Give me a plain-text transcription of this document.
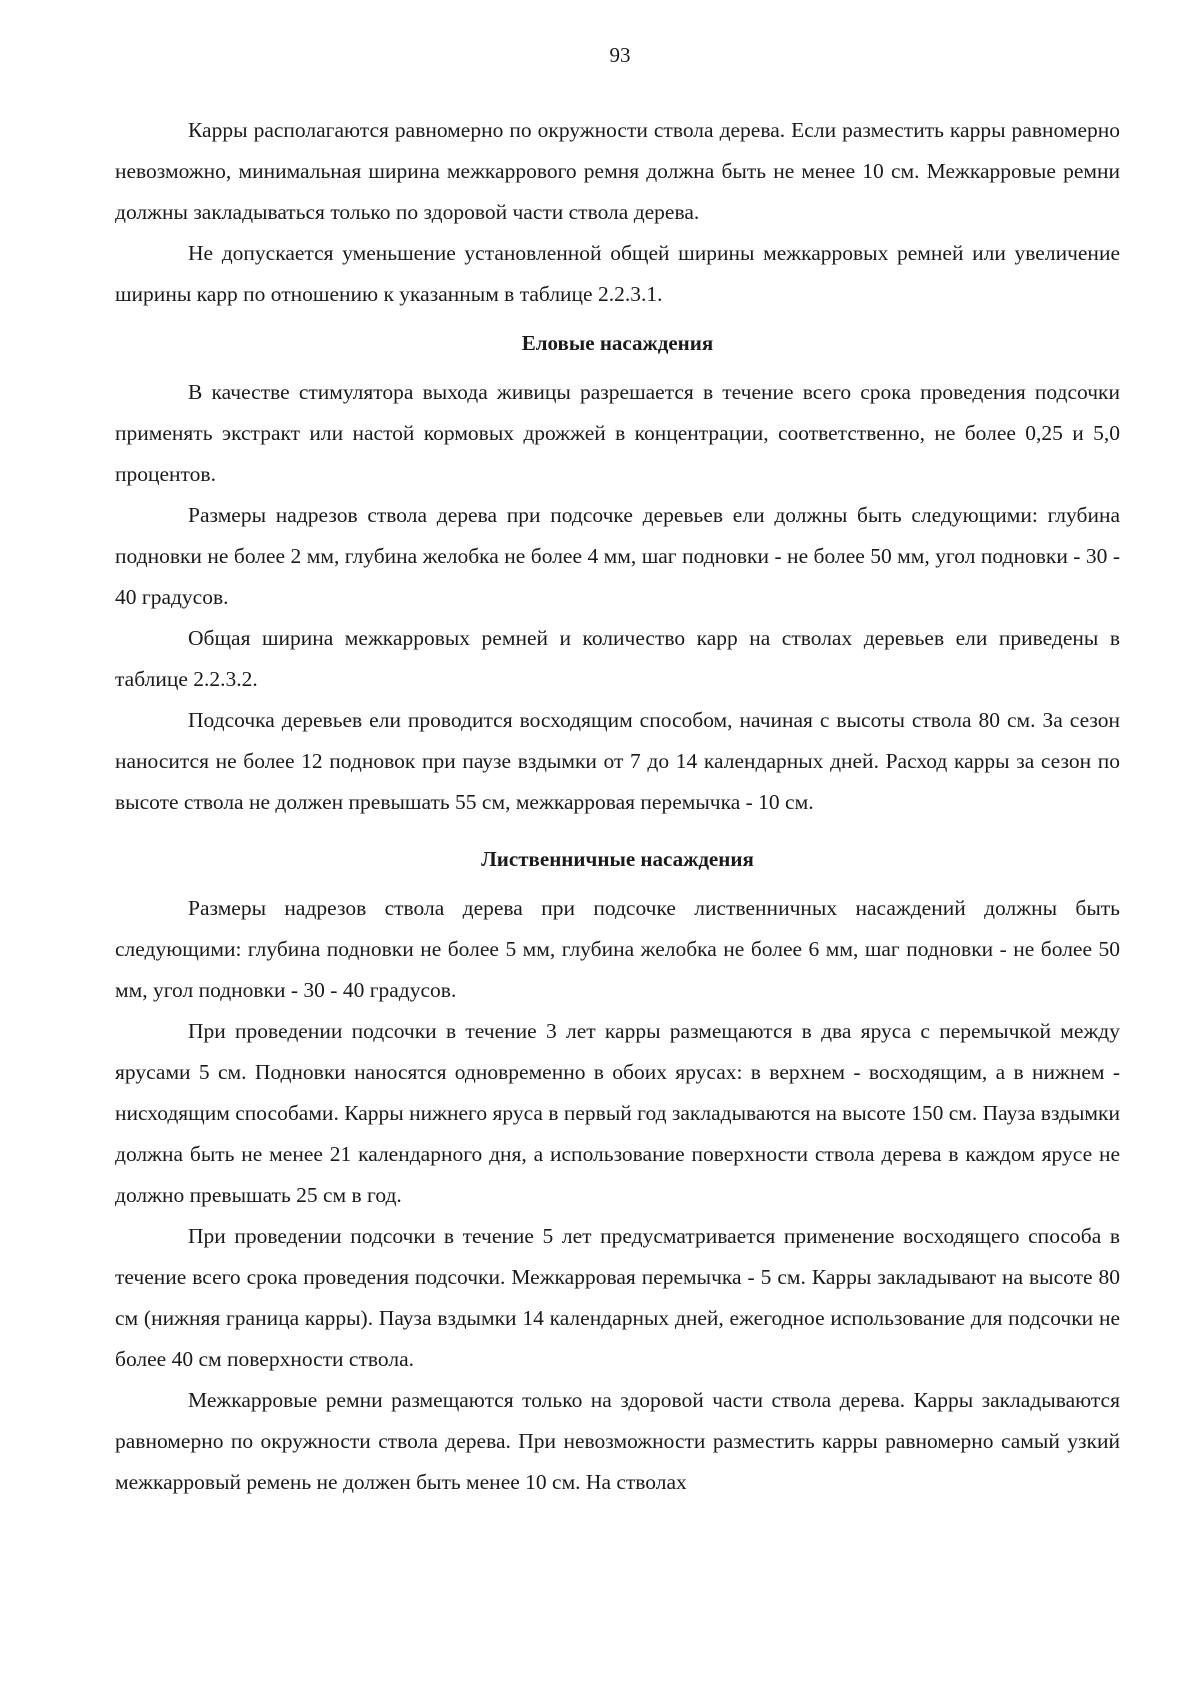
93

Карры располагаются равномерно по окружности ствола дерева. Если разместить карры равномерно невозможно, минимальная ширина межкаррового ремня должна быть не менее 10 см. Межкарровые ремни должны закладываться только по здоровой части ствола дерева.

Не допускается уменьшение установленной общей ширины межкарровых ремней или увеличение ширины карр по отношению к указанным в таблице 2.2.3.1.

Еловые насаждения

В качестве стимулятора выхода живицы разрешается в течение всего срока проведения подсочки применять экстракт или настой кормовых дрожжей в концентрации, соответственно, не более 0,25 и 5,0 процентов.

Размеры надрезов ствола дерева при подсочке деревьев ели должны быть следующими: глубина подновки не более 2 мм, глубина желобка не более 4 мм, шаг подновки - не более 50 мм, угол подновки - 30 - 40 градусов.

Общая ширина межкарровых ремней и количество карр на стволах деревьев ели приведены в таблице 2.2.3.2.

Подсочка деревьев ели проводится восходящим способом, начиная с высоты ствола 80 см. За сезон наносится не более 12 подновок при паузе вздымки от 7 до 14 календарных дней. Расход карры за сезон по высоте ствола не должен превышать 55 см, межкарровая перемычка - 10 см.

Лиственничные насаждения

Размеры надрезов ствола дерева при подсочке лиственничных насаждений должны быть следующими: глубина подновки не более 5 мм, глубина желобка не более 6 мм, шаг подновки - не более 50 мм, угол подновки - 30 - 40 градусов.

При проведении подсочки в течение 3 лет карры размещаются в два яруса с перемычкой между ярусами 5 см. Подновки наносятся одновременно в обоих ярусах: в верхнем - восходящим, а в нижнем - нисходящим способами. Карры нижнего яруса в первый год закладываются на высоте 150 см. Пауза вздымки должна быть не менее 21 календарного дня, а использование поверхности ствола дерева в каждом ярусе не должно превышать 25 см в год.

При проведении подсочки в течение 5 лет предусматривается применение восходящего способа в течение всего срока проведения подсочки. Межкарровая перемычка - 5 см. Карры закладывают на высоте 80 см (нижняя граница карры). Пауза вздымки 14 календарных дней, ежегодное использование для подсочки не более 40 см поверхности ствола.

Межкарровые ремни размещаются только на здоровой части ствола дерева. Карры закладываются равномерно по окружности ствола дерева. При невозможности разместить карры равномерно самый узкий межкарровый ремень не должен быть менее 10 см. На стволах
